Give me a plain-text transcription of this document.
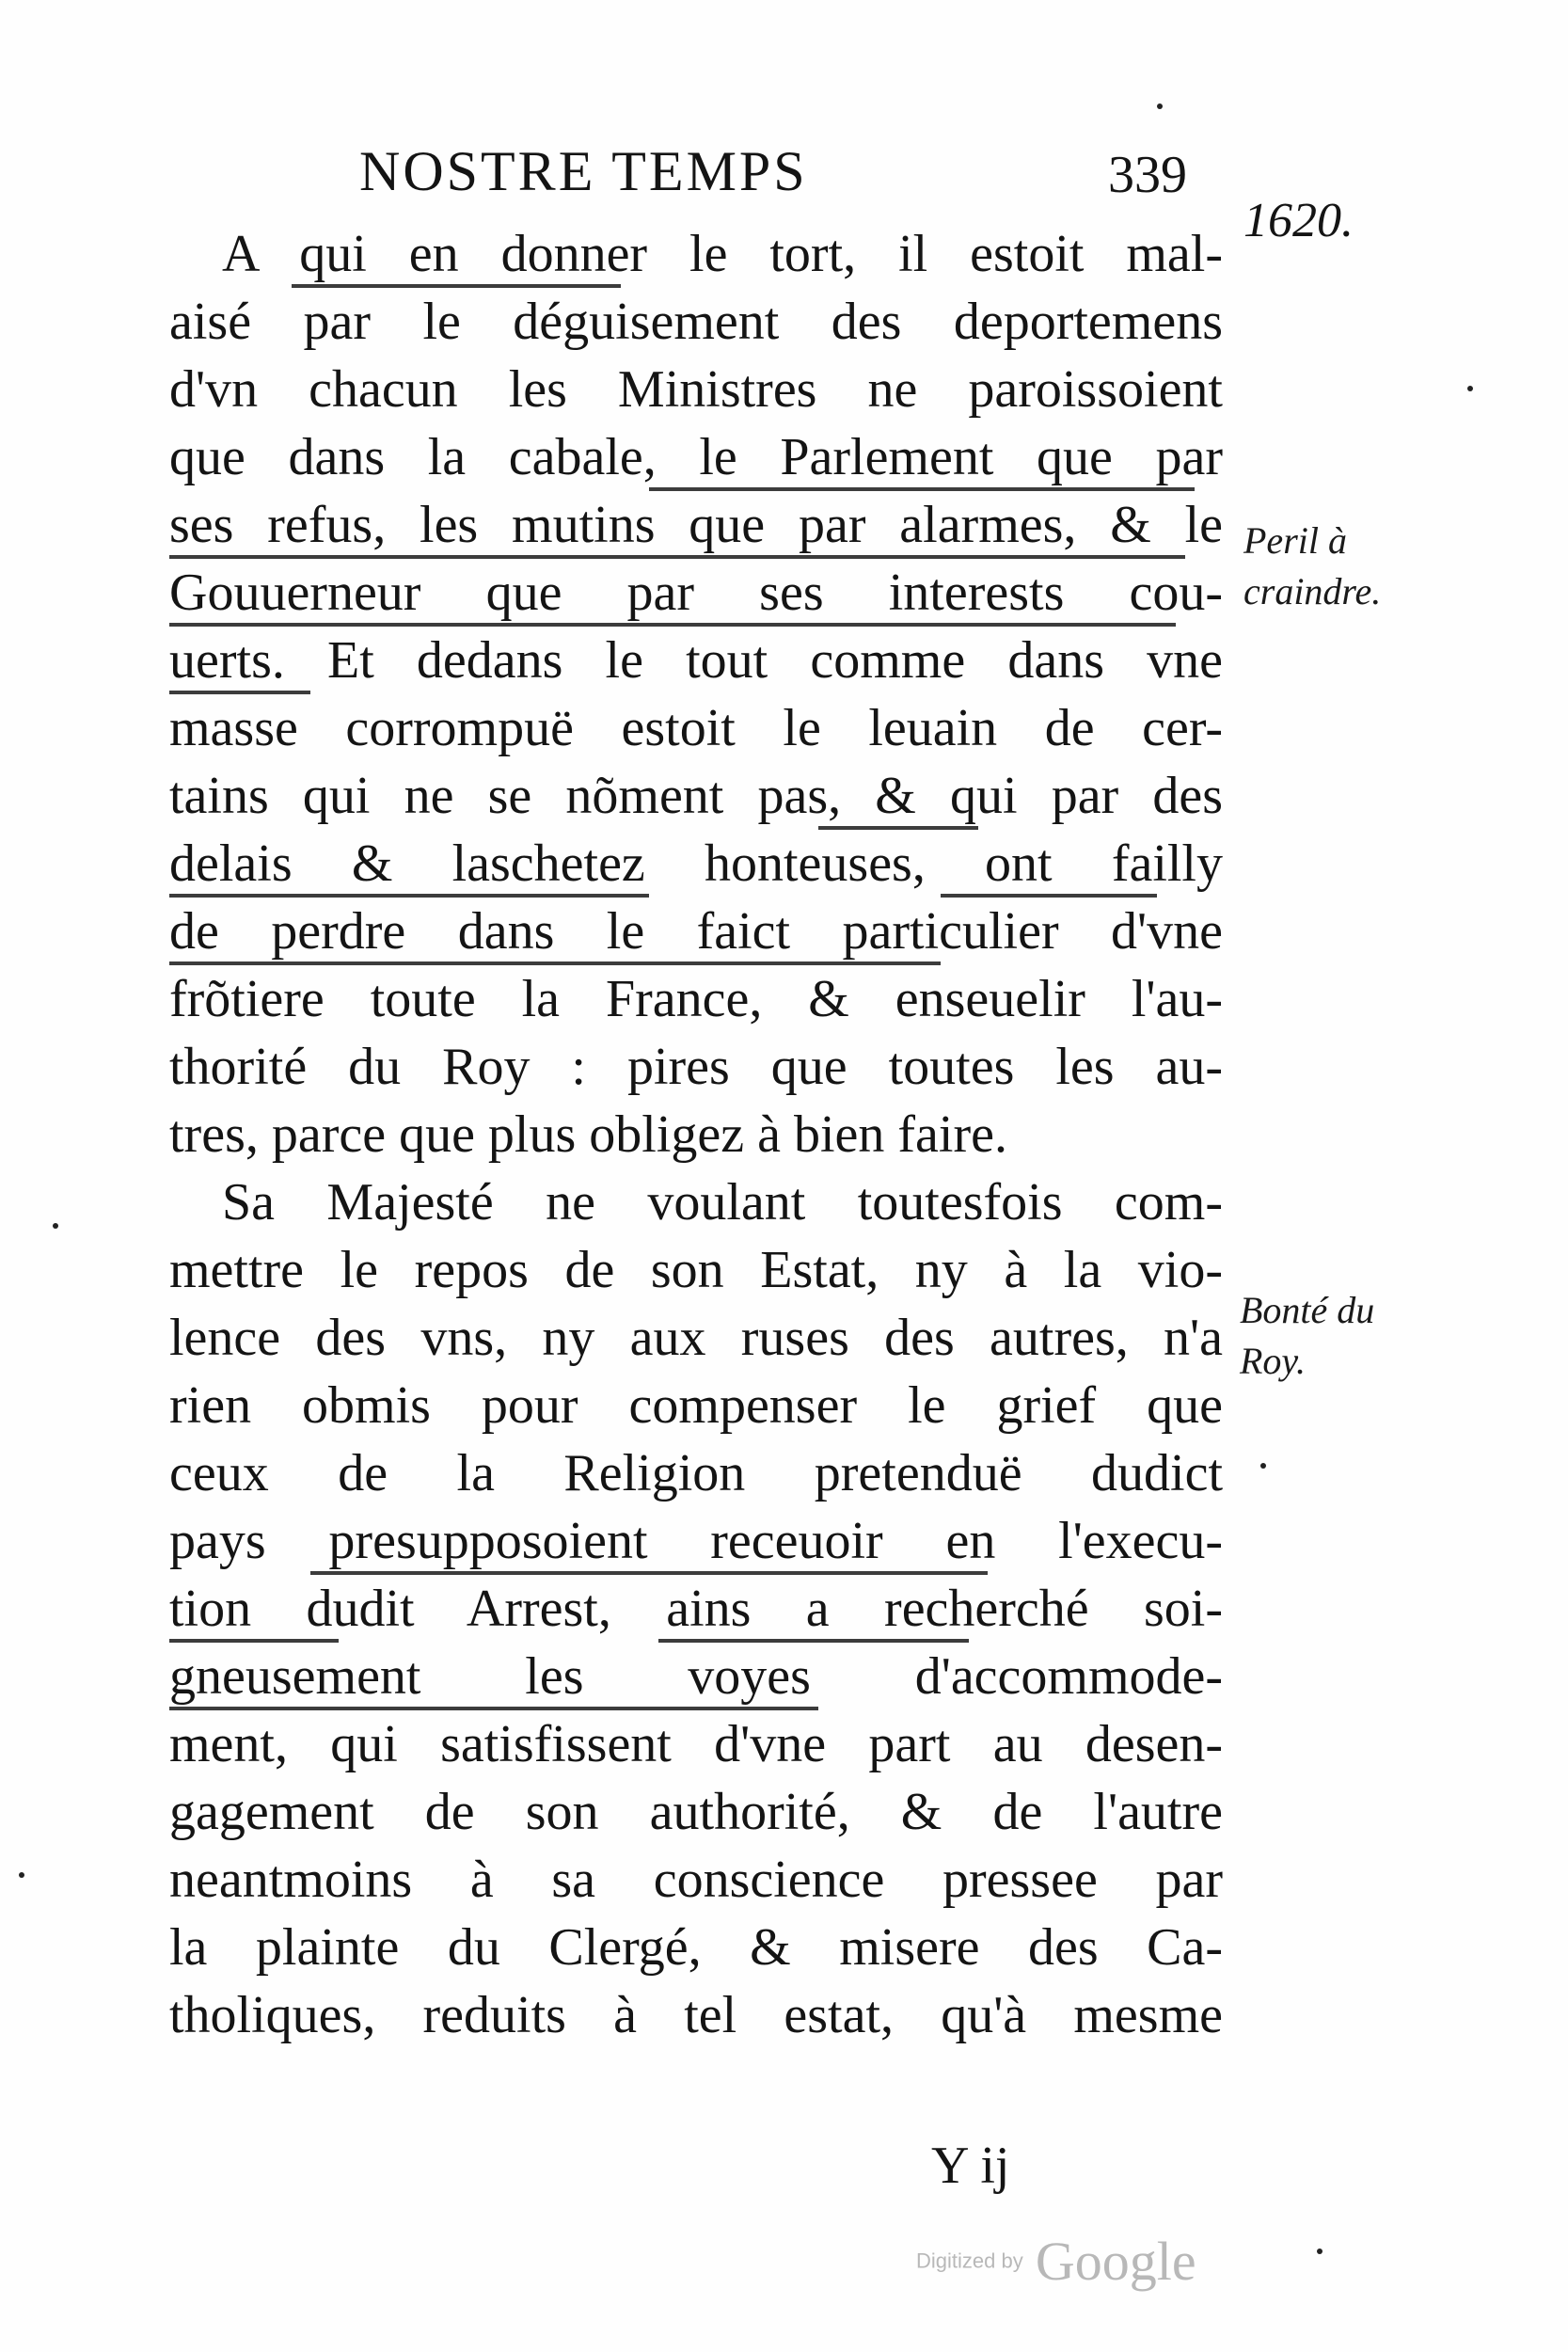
NOSTRE TEMPS	339
1620.
A qui en donner le tort, il estoit mal-
aisé par le déguisement des deportemens
d'vn chacun les Ministres ne paroissoient
que dans la cabale, le Parlement que par
ses refus, les mutins que par alarmes, & le
Gouuerneur que par ses interests cou-
uerts. Et dedans le tout comme dans vne
masse corrompuë estoit le leuain de cer-
tains qui ne se nõment pas, & qui par des
delais & laschetez honteuses, ont failly
de perdre dans le faict particulier d'vne
frõtiere toute la France, & enseuelir l'au-
thorité du Roy : pires que toutes les au-
tres, parce que plus obligez à bien faire.
Sa Majesté ne voulant toutesfois com-
mettre le repos de son Estat, ny à la vio-
lence des vns, ny aux ruses des autres, n'a
rien obmis pour compenser le grief que
ceux de la Religion pretenduë dudict
pays presupposoient receuoir en l'execu-
tion dudit Arrest, ains a recherché soi-
gneusement les voyes d'accommode-
ment, qui satisfissent d'vne part au desen-
gagement de son authorité, & de l'autre
neantmoins à sa conscience pressee par
la plainte du Clergé, & misere des Ca-
tholiques, reduits à tel estat, qu'à mesme
Peril à
craindre.
Bonté du
Roy.
Y ij
Digitized by Google
